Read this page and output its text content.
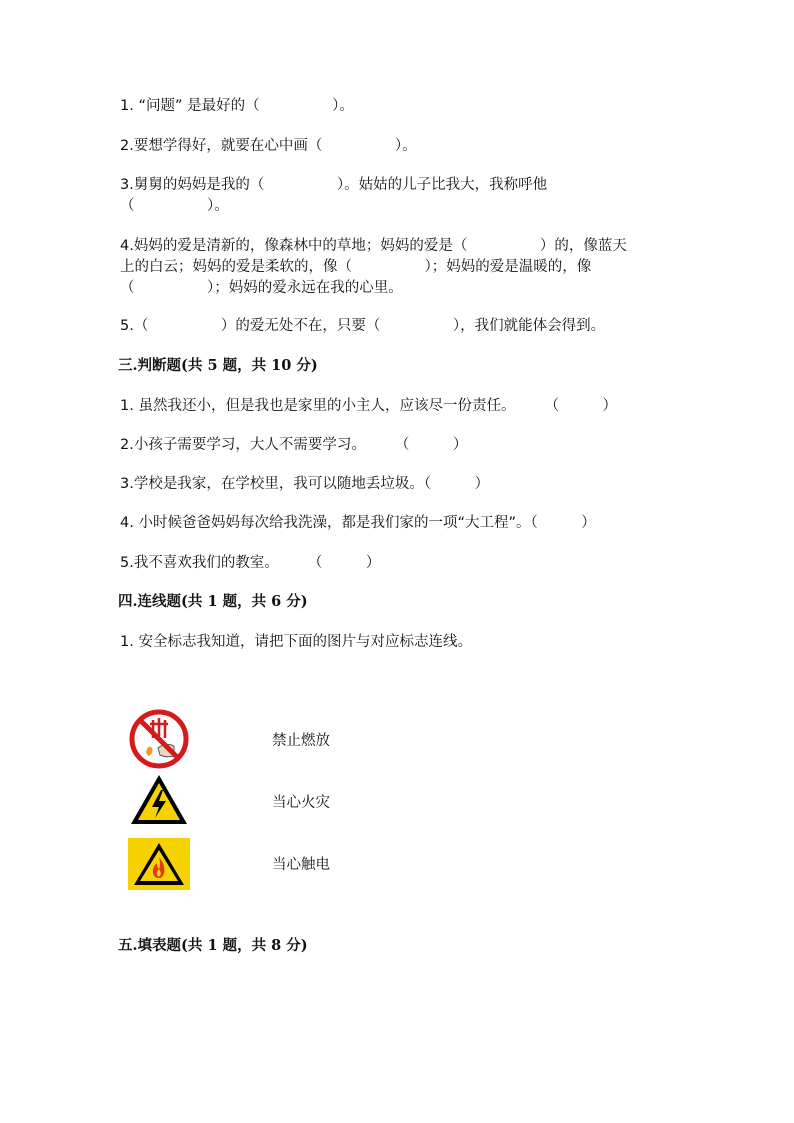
1. “问题” 是最好的（　　　　　）。
2.要想学得好，就要在心中画（　　　　　）。
3.舅舅的妈妈是我的（　　　　　）。姑姑的儿子比我大，我称呼他
（　　　　　）。
4.妈妈的爱是清新的，像森林中的草地；妈妈的爱是（　　　　　）的，像蓝天
上的白云；妈妈的爱是柔软的，像（　　　　　）；妈妈的爱是温暖的，像
（　　　　　）；妈妈的爱永远在我的心里。
5.（　　　　　）的爱无处不在，只要（　　　　　），我们就能体会得到。
三.判断题(共 5 题，共 10 分)
1. 虽然我还小，但是我也是家里的小主人，应该尽一份责任。　　　（　　　）
2.小孩子需要学习，大人不需要学习。　　　（　　　）
3.学校是我家，在学校里，我可以随地丢垃圾。（　　　）
4. 小时候爸爸妈妈每次给我洗澡，都是我们家的一项“大工程”。（　　　）
5.我不喜欢我们的教室。　　　（　　　）
四.连线题(共 1 题，共 6 分)
1. 安全标志我知道，请把下面的图片与对应标志连线。
禁止燃放
当心火灾
当心触电
五.填表题(共 1 题，共 8 分)
